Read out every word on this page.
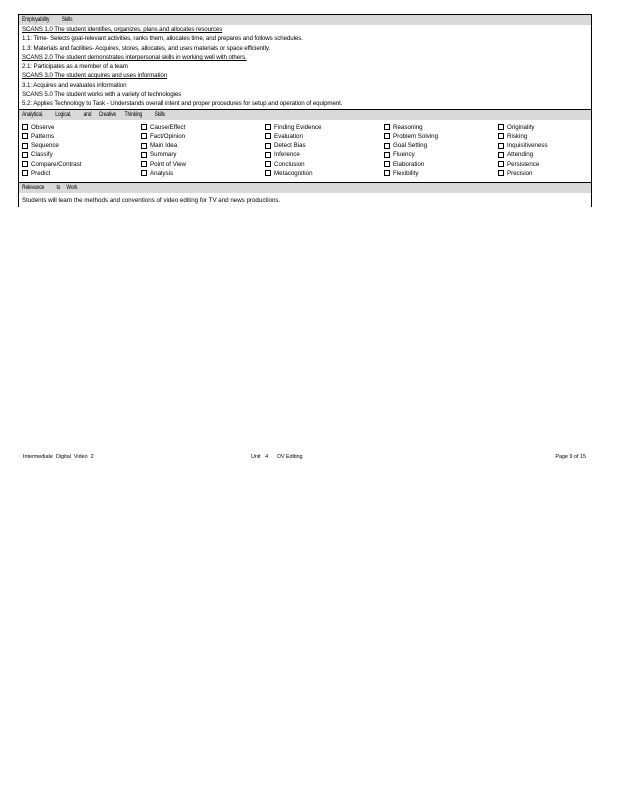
Employability          Skills
SCANS 1.0 The student identifies, organizes, plans and allocates resources
1.1: Time- Selects goal-relevant activities, ranks them, allocates time, and prepares and follows schedules.
1.3: Materials and facilities- Acquires, stores, allocates, and uses materials or space efficiently.
SCANS 2.0 The student demonstrates interpersonal skills in working well with others.
2.1: Participates as a member of a team
SCANS 3.0 The student acquires and uses information
3.1: Acquires and evaluates information
SCANS 5.0 The student works with a variety of technologies
5.2: Applies Technology to Task - Understands overall intent and proper procedures for setup and operation of equipment.
Analytical,          Logical,          and      Creative       Thinking          Skills
Observe
Patterns
Sequence
Classify
Compare/Contrast
Predict
Cause/Effect
Fact/Opinion
Main Idea
Summary
Point of View
Analysis
Finding Evidence
Evaluation
Detect Bias
Inference
Conclusion
Metacognition
Reasoning
Problem Solving
Goal Setting
Fluency
Elaboration
Flexibility
Originality
Risking
Inquisitiveness
Attending
Persistence
Precision
Relevance          to     Work
Students will learn the methods and conventions of video editing for TV and news productions.
Intermediate  Digital  Video  2	Unit   4      DV Editing	Page 9 of 15
